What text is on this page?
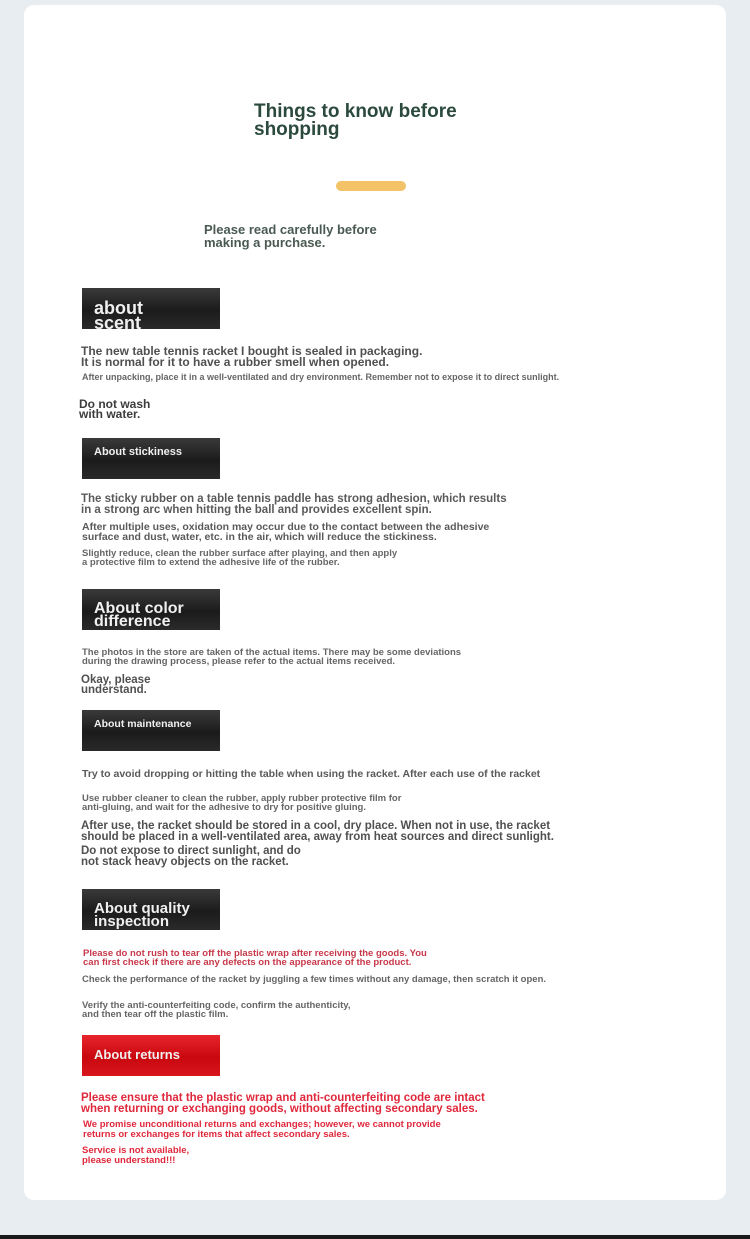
Things to know before
shopping
Please read carefully before
making a purchase.
about
scent
The new table tennis racket I bought is sealed in packaging.
It is normal for it to have a rubber smell when opened.
After unpacking, place it in a well-ventilated and dry environment. Remember not to expose it to direct sunlight.
Do not wash
with water.
About stickiness
The sticky rubber on a table tennis paddle has strong adhesion, which results
in a strong arc when hitting the ball and provides excellent spin.
After multiple uses, oxidation may occur due to the contact between the adhesive
surface and dust, water, etc. in the air, which will reduce the stickiness.
Slightly reduce, clean the rubber surface after playing, and then apply
a protective film to extend the adhesive life of the rubber.
About color
difference
The photos in the store are taken of the actual items. There may be some deviations
during the drawing process, please refer to the actual items received.
Okay, please
understand.
About maintenance
Try to avoid dropping or hitting the table when using the racket. After each use of the racket
Use rubber cleaner to clean the rubber, apply rubber protective film for
anti-gluing, and wait for the adhesive to dry for positive gluing.
After use, the racket should be stored in a cool, dry place. When not in use, the racket
should be placed in a well-ventilated area, away from heat sources and direct sunlight.
Do not expose to direct sunlight, and do
not stack heavy objects on the racket.
About quality
inspection
Please do not rush to tear off the plastic wrap after receiving the goods. You
can first check if there are any defects on the appearance of the product.
Check the performance of the racket by juggling a few times without any damage, then scratch it open.
Verify the anti-counterfeiting code, confirm the authenticity,
and then tear off the plastic film.
About returns
Please ensure that the plastic wrap and anti-counterfeiting code are intact
when returning or exchanging goods, without affecting secondary sales.
We promise unconditional returns and exchanges; however, we cannot provide
returns or exchanges for items that affect secondary sales.
Service is not available,
please understand!!!
